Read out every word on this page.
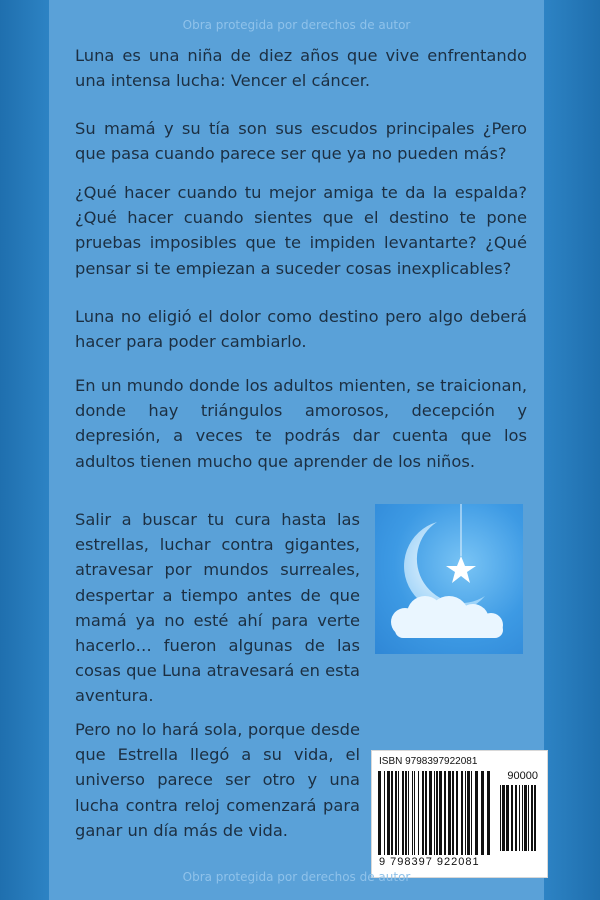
Obra protegida por derechos de autor

Luna es una niña de diez años que vive enfrentando una intensa lucha: Vencer el cáncer.

Su mamá y su tía son sus escudos principales ¿Pero que pasa cuando parece ser que ya no pueden más?

¿Qué hacer cuando tu mejor amiga te da la espalda? ¿Qué hacer cuando sientes que el destino te pone pruebas imposibles que te impiden levantarte? ¿Qué pensar si te empiezan a suceder cosas inexplicables?

Luna no eligió el dolor como destino pero algo deberá hacer para poder cambiarlo.

En un mundo donde los adultos mienten, se traicionan, donde hay triángulos amorosos, decepción y depresión, a veces te podrás dar cuenta que los adultos tienen mucho que aprender de los niños.

Salir a buscar tu cura hasta las estrellas, luchar contra gigantes, atravesar por mundos surreales, despertar a tiempo antes de que mamá ya no esté ahí para verte hacerlo… fueron algunas de las cosas que Luna atravesará en esta aventura.

Pero no lo hará sola, porque desde que Estrella llegó a su vida, el universo parece ser otro y una lucha contra reloj comenzará para ganar un día más de vida.

ISBN 9798397922081
90000
9 798397 922081
Obra protegida por derechos de autor
